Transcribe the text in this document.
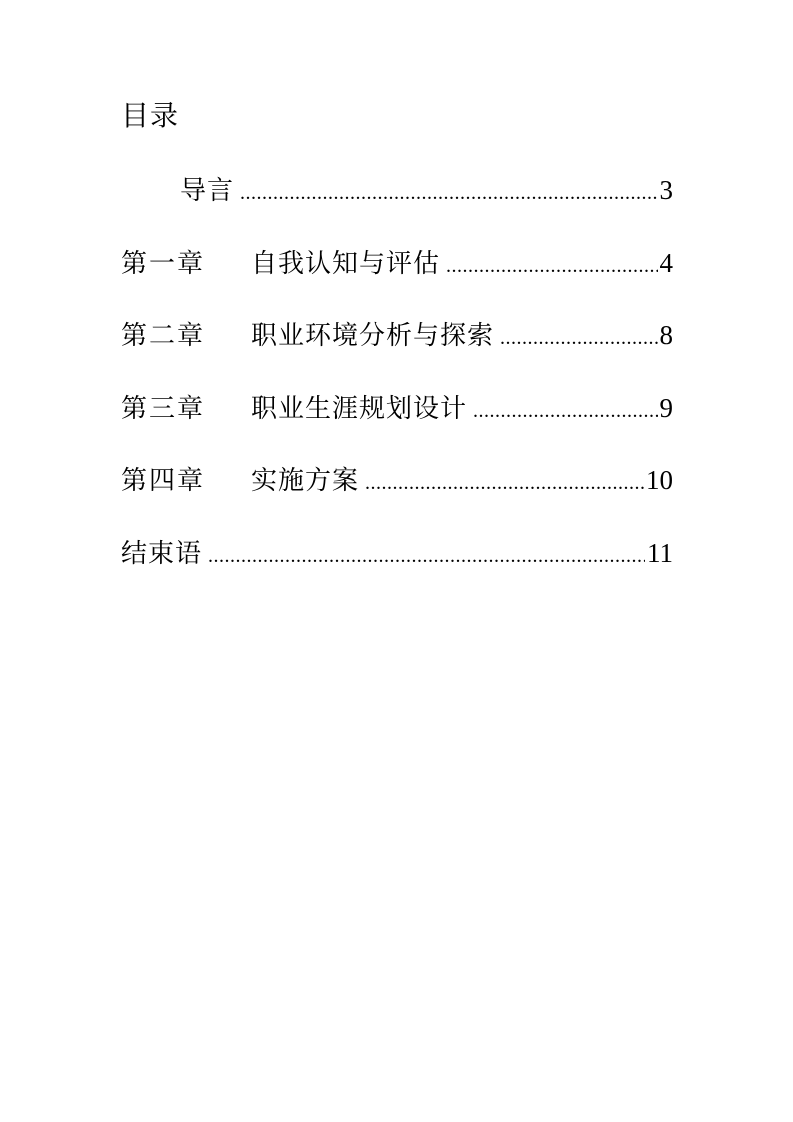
目录
导言 .....	3
第一章	自我认知与评估 .....	4
第二章	职业环境分析与探索 .....	8
第三章	职业生涯规划设计 .....	9
第四章	实施方案 .....	10
结束语 .....	11
